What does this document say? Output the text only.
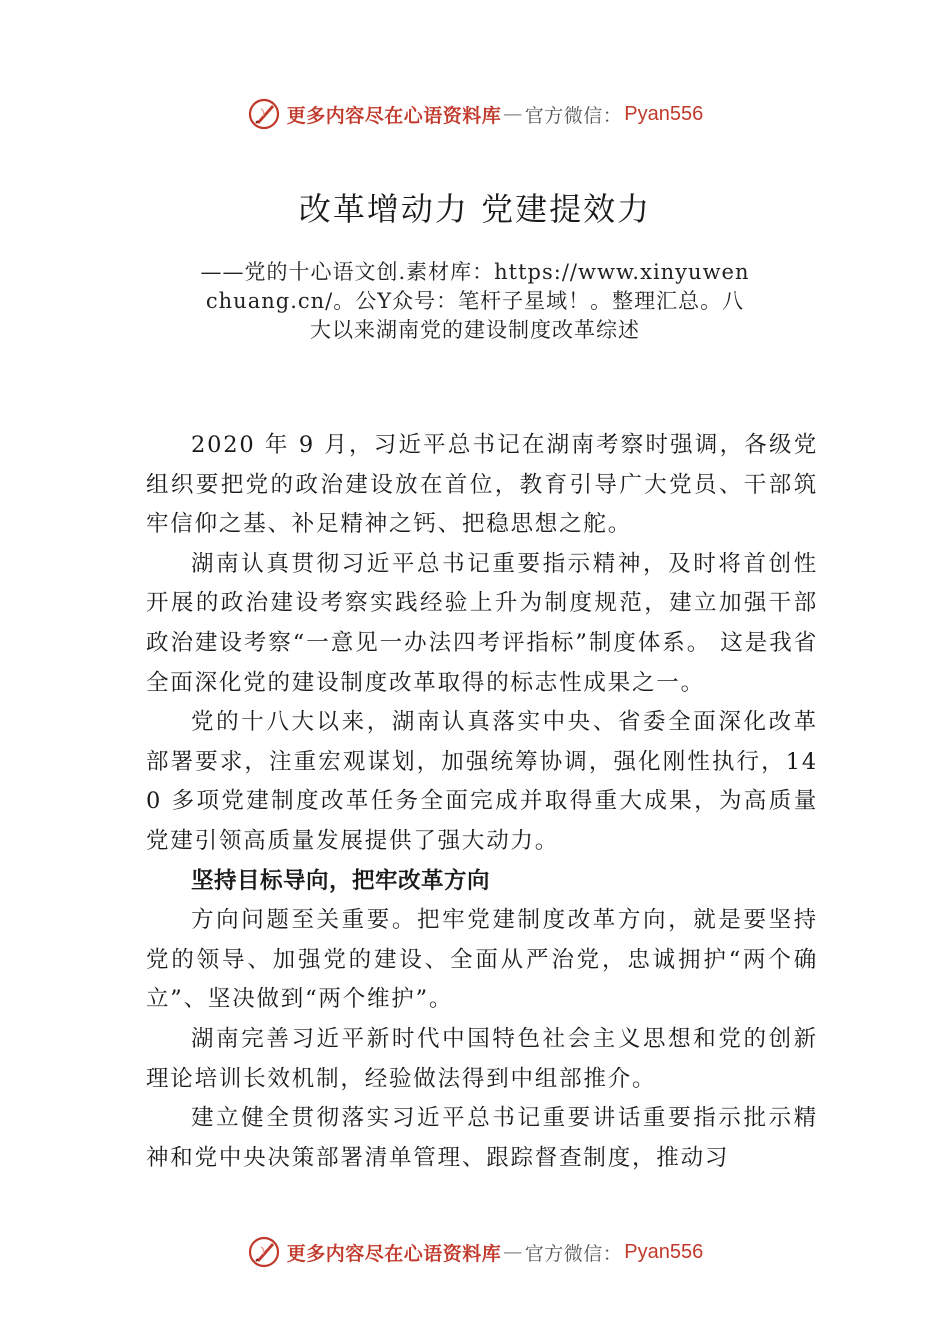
更多内容尽在心语资料库 — 官方微信： Pyan556
改革增动力 党建提效力
——党的十心语文创.素材库：https://www.xinyuwenchuang.cn/。公Y众号：笔杆子星域！。整理汇总。八大以来湖南党的建设制度改革综述

2020 年 9 月，习近平总书记在湖南考察时强调，各级党组织要把党的政治建设放在首位，教育引导广大党员、干部筑牢信仰之基、补足精神之钙、把稳思想之舵。

湖南认真贯彻习近平总书记重要指示精神，及时将首创性开展的政治建设考察实践经验上升为制度规范，建立加强干部政治建设考察“一意见一办法四考评指标”制度体系。 这是我省全面深化党的建设制度改革取得的标志性成果之一。

党的十八大以来，湖南认真落实中央、省委全面深化改革部署要求，注重宏观谋划，加强统筹协调，强化刚性执行，140 多项党建制度改革任务全面完成并取得重大成果，为高质量党建引领高质量发展提供了强大动力。

坚持目标导向，把牢改革方向

方向问题至关重要。把牢党建制度改革方向，就是要坚持党的领导、加强党的建设、全面从严治党，忠诚拥护“两个确立”、坚决做到“两个维护”。

湖南完善习近平新时代中国特色社会主义思想和党的创新理论培训长效机制，经验做法得到中组部推介。

建立健全贯彻落实习近平总书记重要讲话重要指示批示精神和党中央决策部署清单管理、跟踪督查制度，推动习

更多内容尽在心语资料库 — 官方微信： Pyan556
